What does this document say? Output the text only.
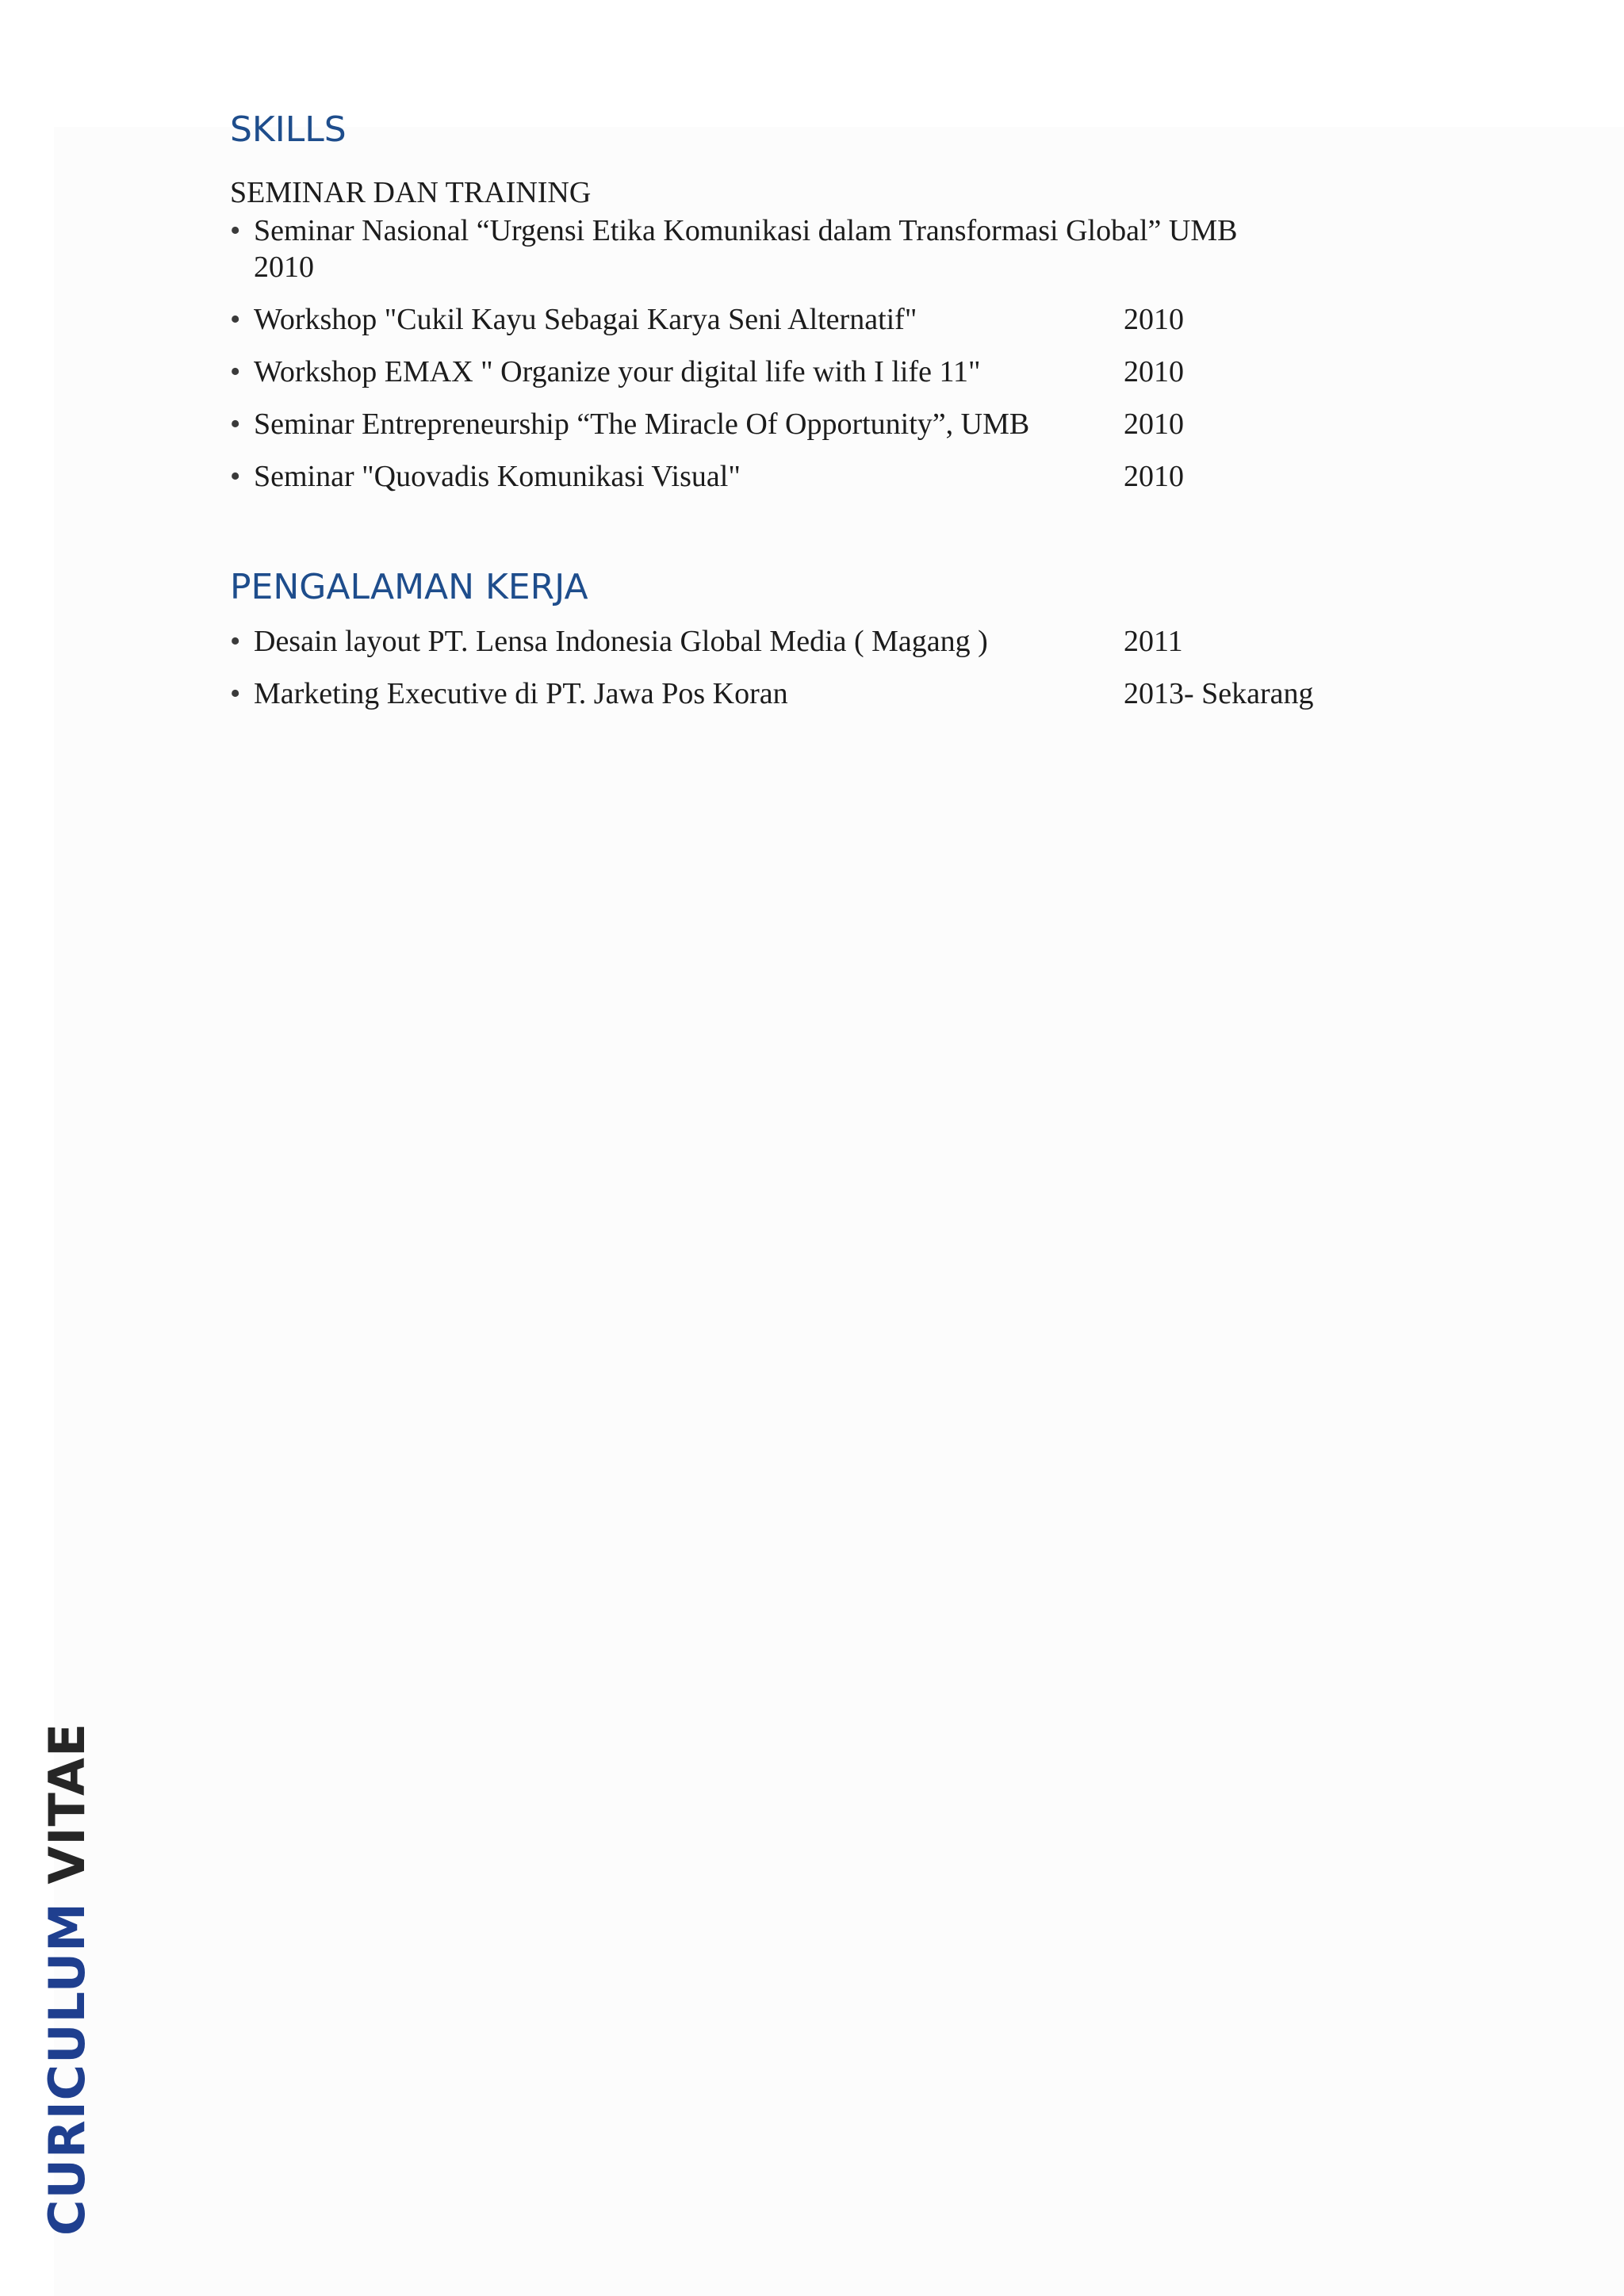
SKILLS
SEMINAR DAN TRAINING
• Seminar Nasional “Urgensi Etika Komunikasi dalam Transformasi Global” UMB
2010
• Workshop "Cukil Kayu Sebagai Karya Seni Alternatif"	2010
• Workshop EMAX " Organize your digital life with I life 11"	2010
• Seminar Entrepreneurship “The Miracle Of Opportunity”, UMB	2010
• Seminar "Quovadis Komunikasi Visual"	2010
PENGALAMAN KERJA
• Desain layout PT. Lensa Indonesia Global Media ( Magang )	2011
• Marketing Executive di PT. Jawa Pos Koran	2013- Sekarang
CURICULUM VITAE
